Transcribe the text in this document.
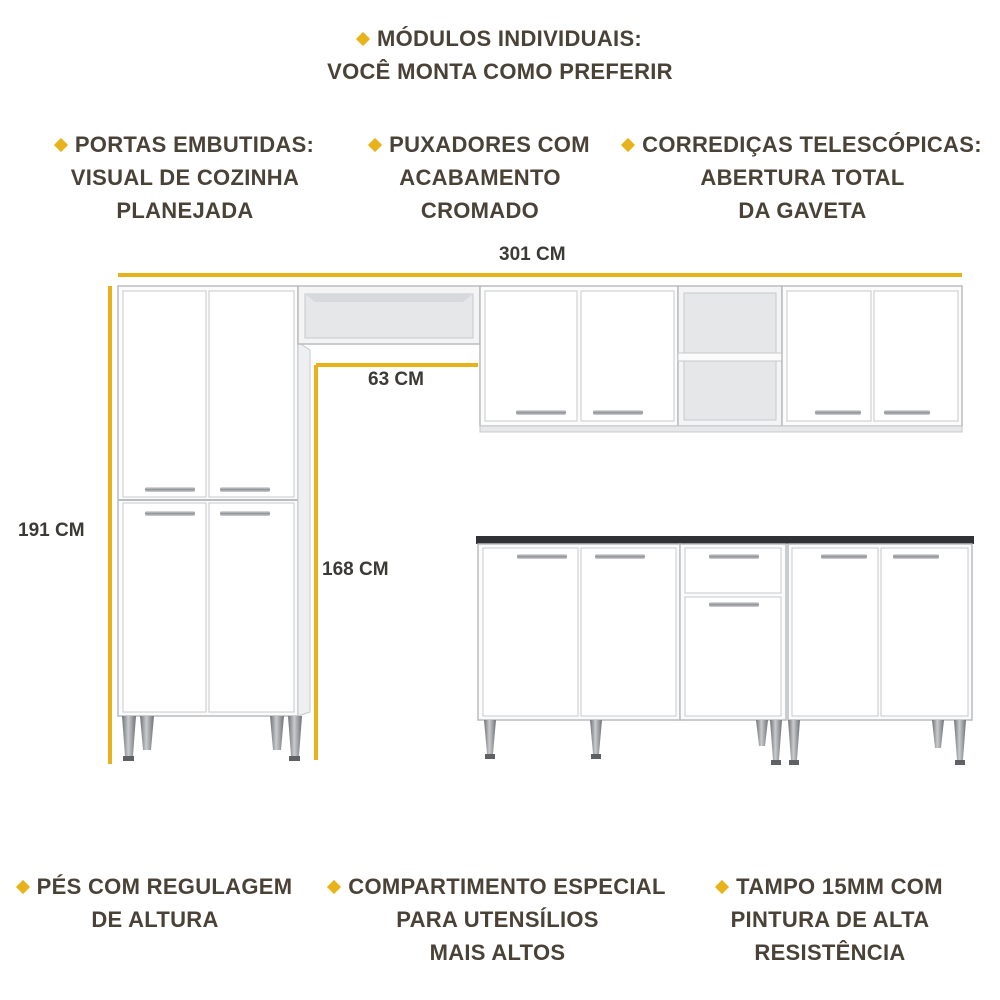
MÓDULOS INDIVIDUAIS:
VOCÊ MONTA COMO PREFERIR
PORTAS EMBUTIDAS:
VISUAL DE COZINHA
PLANEJADA
PUXADORES COM
ACABAMENTO
CROMADO
CORREDIÇAS TELESCÓPICAS:
ABERTURA TOTAL
DA GAVETA
301 CM
191 CM
63 CM
168 CM
PÉS COM REGULAGEM
DE ALTURA
COMPARTIMENTO ESPECIAL
PARA UTENSÍLIOS
MAIS ALTOS
TAMPO 15MM COM
PINTURA DE ALTA
RESISTÊNCIA
